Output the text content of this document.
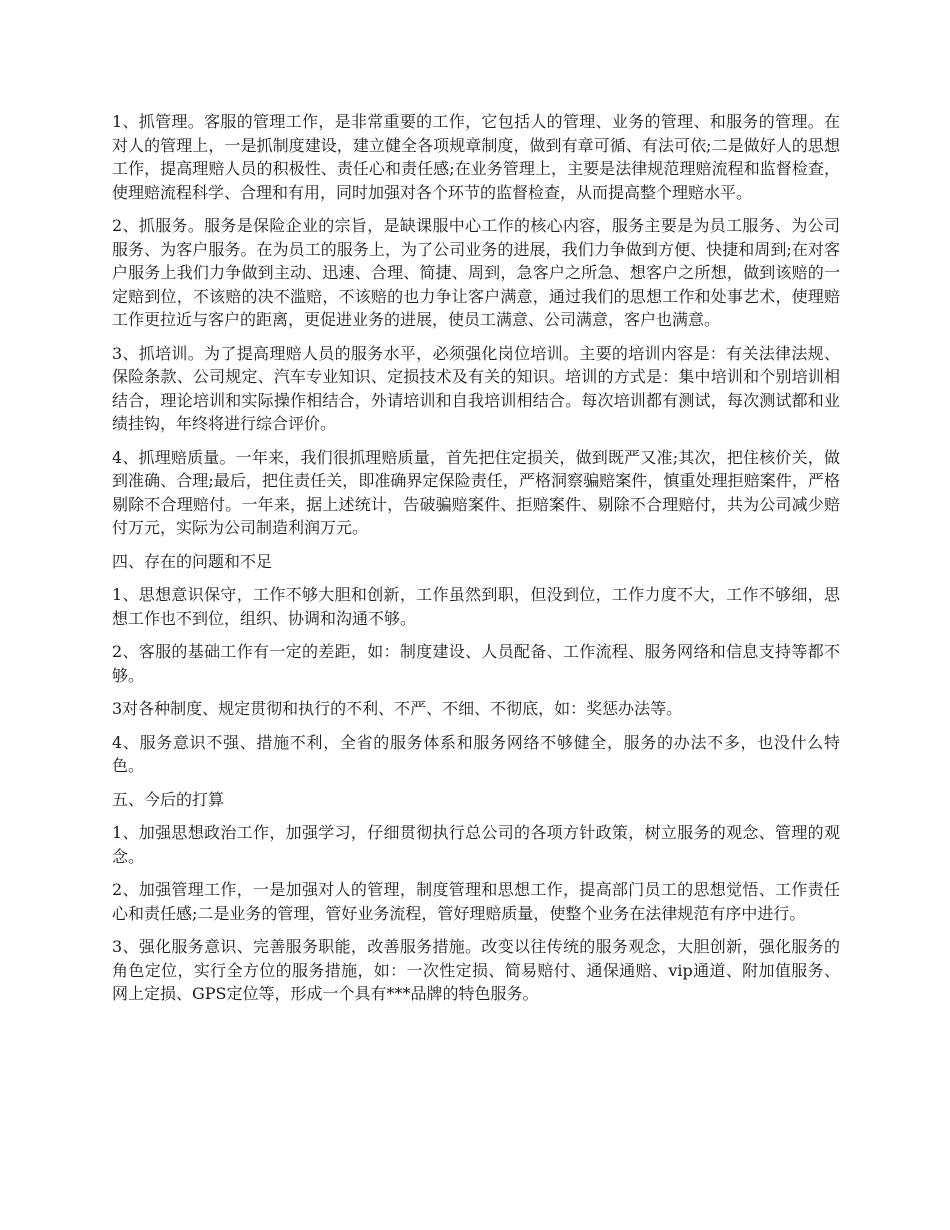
1、抓管理。客服的管理工作，是非常重要的工作，它包括人的管理、业务的管理、和服务的管理。在对人的管理上，一是抓制度建设，建立健全各项规章制度，做到有章可循、有法可依;二是做好人的思想工作，提高理赔人员的积极性、责任心和责任感;在业务管理上，主要是法律规范理赔流程和监督检查，使理赔流程科学、合理和有用，同时加强对各个环节的监督检查，从而提高整个理赔水平。

2、抓服务。服务是保险企业的宗旨，是缺课服中心工作的核心内容，服务主要是为员工服务、为公司服务、为客户服务。在为员工的服务上，为了公司业务的进展，我们力争做到方便、快捷和周到;在对客户服务上我们力争做到主动、迅速、合理、简捷、周到，急客户之所急、想客户之所想，做到该赔的一定赔到位，不该赔的决不滥赔，不该赔的也力争让客户满意，通过我们的思想工作和处事艺术，使理赔工作更拉近与客户的距离，更促进业务的进展，使员工满意、公司满意，客户也满意。

3、抓培训。为了提高理赔人员的服务水平，必须强化岗位培训。主要的培训内容是：有关法律法规、保险条款、公司规定、汽车专业知识、定损技术及有关的知识。培训的方式是：集中培训和个别培训相结合，理论培训和实际操作相结合，外请培训和自我培训相结合。每次培训都有测试，每次测试都和业绩挂钩，年终将进行综合评价。

4、抓理赔质量。一年来，我们很抓理赔质量，首先把住定损关，做到既严又准;其次，把住核价关，做到准确、合理;最后，把住责任关，即准确界定保险责任，严格洞察骗赔案件，慎重处理拒赔案件，严格剔除不合理赔付。一年来，据上述统计，告破骗赔案件、拒赔案件、剔除不合理赔付，共为公司减少赔付万元，实际为公司制造利润万元。

四、存在的问题和不足

1、思想意识保守，工作不够大胆和创新，工作虽然到职，但没到位，工作力度不大，工作不够细，思想工作也不到位，组织、协调和沟通不够。

2、客服的基础工作有一定的差距，如：制度建设、人员配备、工作流程、服务网络和信息支持等都不够。

3对各种制度、规定贯彻和执行的不利、不严、不细、不彻底，如：奖惩办法等。

4、服务意识不强、措施不利，全省的服务体系和服务网络不够健全，服务的办法不多，也没什么特色。

五、今后的打算

1、加强思想政治工作，加强学习，仔细贯彻执行总公司的各项方针政策，树立服务的观念、管理的观念。

2、加强管理工作，一是加强对人的管理，制度管理和思想工作，提高部门员工的思想觉悟、工作责任心和责任感;二是业务的管理，管好业务流程，管好理赔质量，使整个业务在法律规范有序中进行。

3、强化服务意识、完善服务职能，改善服务措施。改变以往传统的服务观念，大胆创新，强化服务的角色定位，实行全方位的服务措施，如：一次性定损、简易赔付、通保通赔、vip通道、附加值服务、网上定损、GPS定位等，形成一个具有***品牌的特色服务。
